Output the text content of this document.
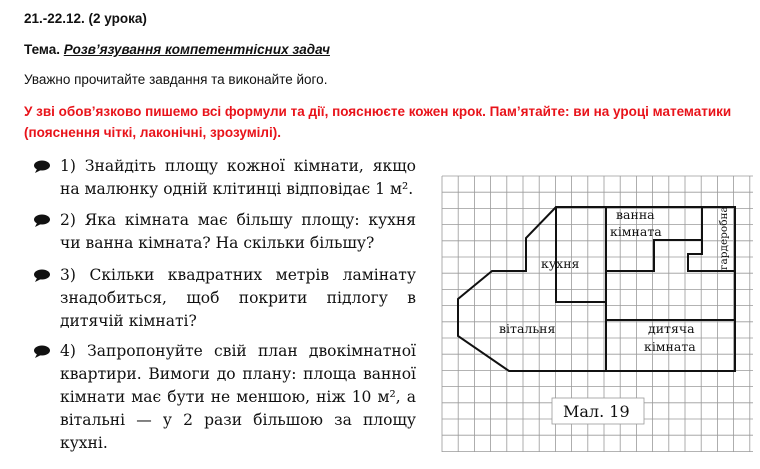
21.-22.12. (2 урока)
Тема. Розв’язування компетентнісних задач
Уважно прочитайте завдання та виконайте його.
У зві обов’язково пишемо всі формули та дії, пояснюєте кожен крок. Пам’ятайте: ви на уроці математики (пояснення чіткі, лаконічні, зрозумілі).
1) Знайдіть площу кожної кімнати, якщо на малюнку одній клітинці відповідає 1 м².
2) Яка кімната має більшу площу: кухня чи ванна кімната? На скільки більшу?
3) Скільки квадратних метрів ламінату знадобиться, щоб покрити підлогу в дитячій кімнаті?
4) Запропонуйте свій план двокімнатної квартири. Вимоги до плану: площа ванної кімнати має бути не меншою, ніж 10 м², а вітальні — у 2 рази більшою за площу кухні.
ванна
кімната	гардеробна
кухня
вітальня	дитяча
кімната
Мал. 19
